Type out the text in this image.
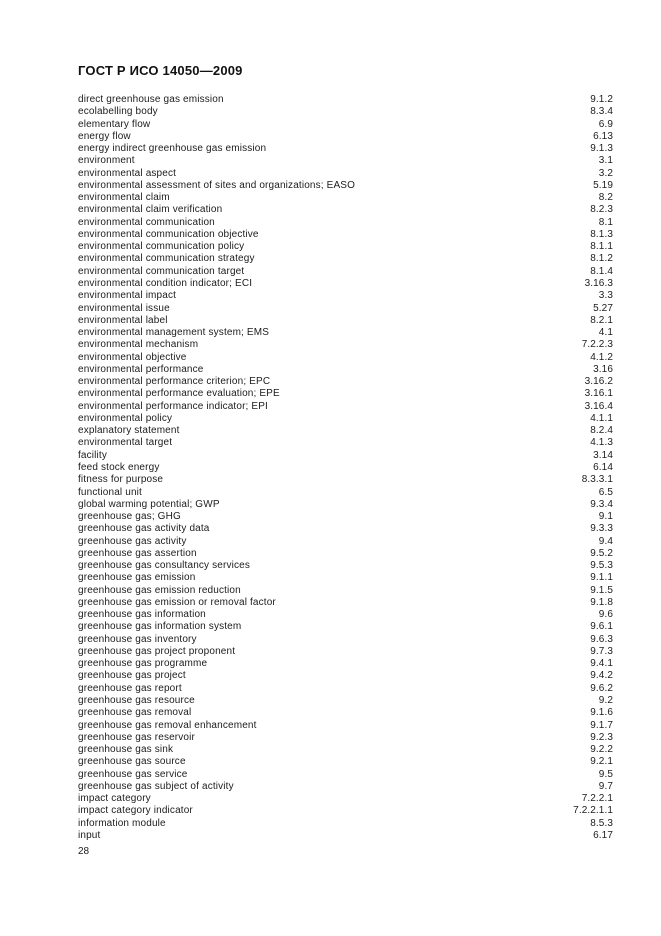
ГОСТ Р ИСО 14050—2009
direct greenhouse gas emission	9.1.2
ecolabelling body	8.3.4
elementary flow	6.9
energy flow	6.13
energy indirect greenhouse gas emission	9.1.3
environment	3.1
environmental aspect	3.2
environmental assessment of sites and organizations; EASO	5.19
environmental claim	8.2
environmental claim verification	8.2.3
environmental communication	8.1
environmental communication objective	8.1.3
environmental communication policy	8.1.1
environmental communication strategy	8.1.2
environmental communication target	8.1.4
environmental condition indicator; ECI	3.16.3
environmental impact	3.3
environmental issue	5.27
environmental label	8.2.1
environmental management system; EMS	4.1
environmental mechanism	7.2.2.3
environmental objective	4.1.2
environmental performance	3.16
environmental performance criterion; EPC	3.16.2
environmental performance evaluation; EPE	3.16.1
environmental performance indicator; EPI	3.16.4
environmental policy	4.1.1
explanatory statement	8.2.4
environmental target	4.1.3
facility	3.14
feed stock energy	6.14
fitness for purpose	8.3.3.1
functional unit	6.5
global warming potential; GWP	9.3.4
greenhouse gas; GHG	9.1
greenhouse gas activity data	9.3.3
greenhouse gas activity	9.4
greenhouse gas assertion	9.5.2
greenhouse gas consultancy services	9.5.3
greenhouse gas emission	9.1.1
greenhouse gas emission reduction	9.1.5
greenhouse gas emission or removal factor	9.1.8
greenhouse gas information	9.6
greenhouse gas information system	9.6.1
greenhouse gas inventory	9.6.3
greenhouse gas project proponent	9.7.3
greenhouse gas programme	9.4.1
greenhouse gas project	9.4.2
greenhouse gas report	9.6.2
greenhouse gas resource	9.2
greenhouse gas removal	9.1.6
greenhouse gas removal enhancement	9.1.7
greenhouse gas reservoir	9.2.3
greenhouse gas sink	9.2.2
greenhouse gas source	9.2.1
greenhouse gas service	9.5
greenhouse gas subject of activity	9.7
impact category	7.2.2.1
impact category indicator	7.2.2.1.1
information module	8.5.3
input	6.17
28
